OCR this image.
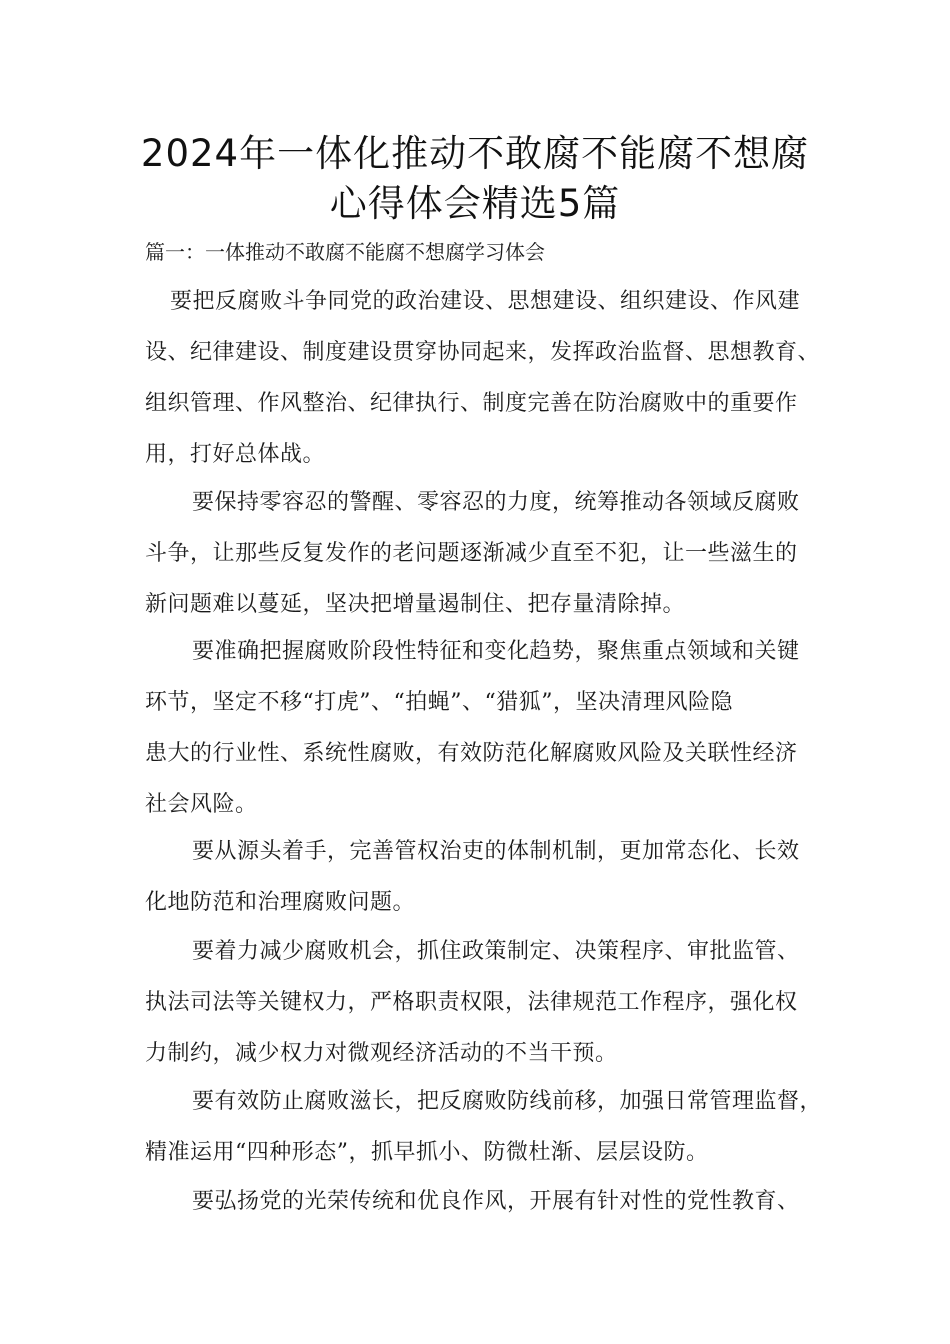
2024年一体化推动不敢腐不能腐不想腐
心得体会精选5篇

篇一：一体推动不敢腐不能腐不想腐学习体会

要把反腐败斗争同党的政治建设、思想建设、组织建设、作风建
设、纪律建设、制度建设贯穿协同起来，发挥政治监督、思想教育、
组织管理、作风整治、纪律执行、制度完善在防治腐败中的重要作
用，打好总体战。
要保持零容忍的警醒、零容忍的力度，统筹推动各领域反腐败
斗争，让那些反复发作的老问题逐渐减少直至不犯，让一些滋生的
新问题难以蔓延，坚决把增量遏制住、把存量清除掉。
要准确把握腐败阶段性特征和变化趋势，聚焦重点领域和关键
环节，坚定不移“打虎”、“拍蝇”、“猎狐”，坚决清理风险隐
患大的行业性、系统性腐败，有效防范化解腐败风险及关联性经济
社会风险。
要从源头着手，完善管权治吏的体制机制，更加常态化、长效
化地防范和治理腐败问题。
要着力减少腐败机会，抓住政策制定、决策程序、审批监管、
执法司法等关键权力，严格职责权限，法律规范工作程序，强化权
力制约，减少权力对微观经济活动的不当干预。
要有效防止腐败滋长，把反腐败防线前移，加强日常管理监督，
精准运用“四种形态”，抓早抓小、防微杜渐、层层设防。
要弘扬党的光荣传统和优良作风，开展有针对性的党性教育、
